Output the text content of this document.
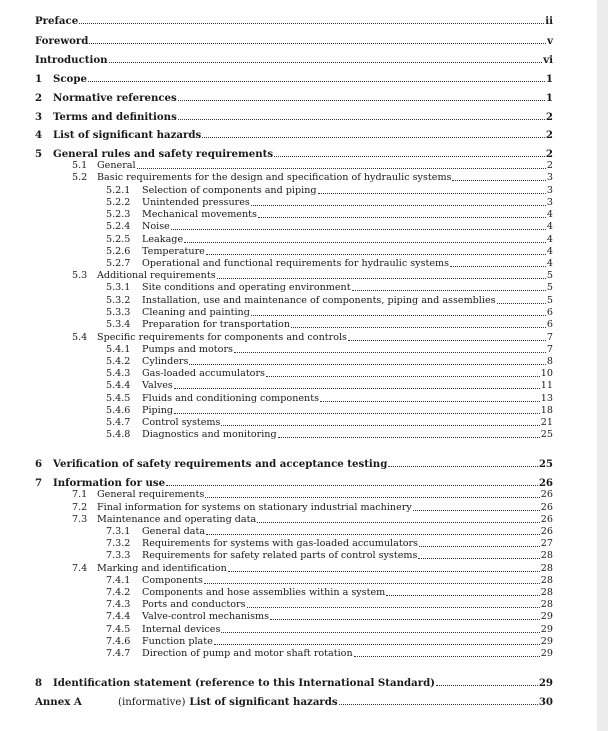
Preface	ii
Foreword	v
Introduction	vi
1	Scope	1
2	Normative references	1
3	Terms and definitions	2
4	List of significant hazards	2
5	General rules and safety requirements	2
5.1	General	2
5.2	Basic requirements for the design and specification of hydraulic systems	3
5.2.1	Selection of components and piping	3
5.2.2	Unintended pressures	3
5.2.3	Mechanical movements	4
5.2.4	Noise	4
5.2.5	Leakage	4
5.2.6	Temperature	4
5.2.7	Operational and functional requirements for hydraulic systems	4
5.3	Additional requirements	5
5.3.1	Site conditions and operating environment	5
5.3.2	Installation, use and maintenance of components, piping and assemblies	5
5.3.3	Cleaning and painting	6
5.3.4	Preparation for transportation	6
5.4	Specific requirements for components and controls	7
5.4.1	Pumps and motors	7
5.4.2	Cylinders	8
5.4.3	Gas-loaded accumulators	10
5.4.4	Valves	11
5.4.5	Fluids and conditioning components	13
5.4.6	Piping	18
5.4.7	Control systems	21
5.4.8	Diagnostics and monitoring	25
6	Verification of safety requirements and acceptance testing	25
7	Information for use	26
7.1	General requirements	26
7.2	Final information for systems on stationary industrial machinery	26
7.3	Maintenance and operating data	26
7.3.1	General data	26
7.3.2	Requirements for systems with gas-loaded accumulators	27
7.3.3	Requirements for safety related parts of control systems	28
7.4	Marking and identification	28
7.4.1	Components	28
7.4.2	Components and hose assemblies within a system	28
7.4.3	Ports and conductors	28
7.4.4	Valve-control mechanisms	29
7.4.5	Internal devices	29
7.4.6	Function plate	29
7.4.7	Direction of pump and motor shaft rotation	29
8	Identification statement (reference to this International Standard)	29
Annex A	(informative) List of significant hazards	30
